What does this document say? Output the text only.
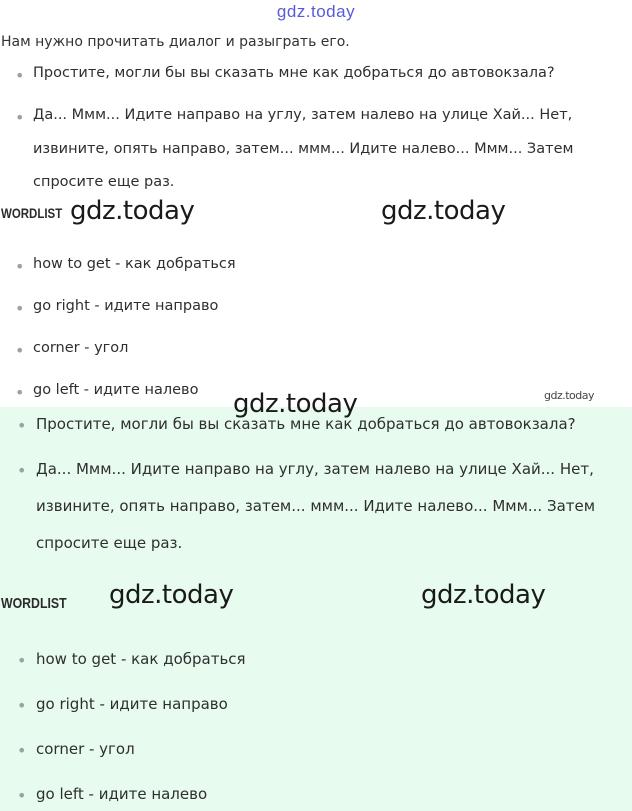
gdz.today
Нам нужно прочитать диалог и разыграть его.
• Простите, могли бы вы сказать мне как добраться до автовокзала?
• Да... Ммм... Идите направо на углу, затем налево на улице Хай... Нет,
извините, опять направо, затем... ммм... Идите налево... Ммм... Затем
спросите еще раз.
WORDLIST
• how to get - как добраться
• go right - идите направо
• corner - угол
• go left - идите налево
• Простите, могли бы вы сказать мне как добраться до автовокзала?
• Да... Ммм... Идите направо на углу, затем налево на улице Хай... Нет,
извините, опять направо, затем... ммм... Идите налево... Ммм... Затем
спросите еще раз.
WORDLIST
• how to get - как добраться
• go right - идите направо
• corner - угол
• go left - идите налево
gdz.today	gdz.today
gdz.today
gdz.today
gdz.today	gdz.today
